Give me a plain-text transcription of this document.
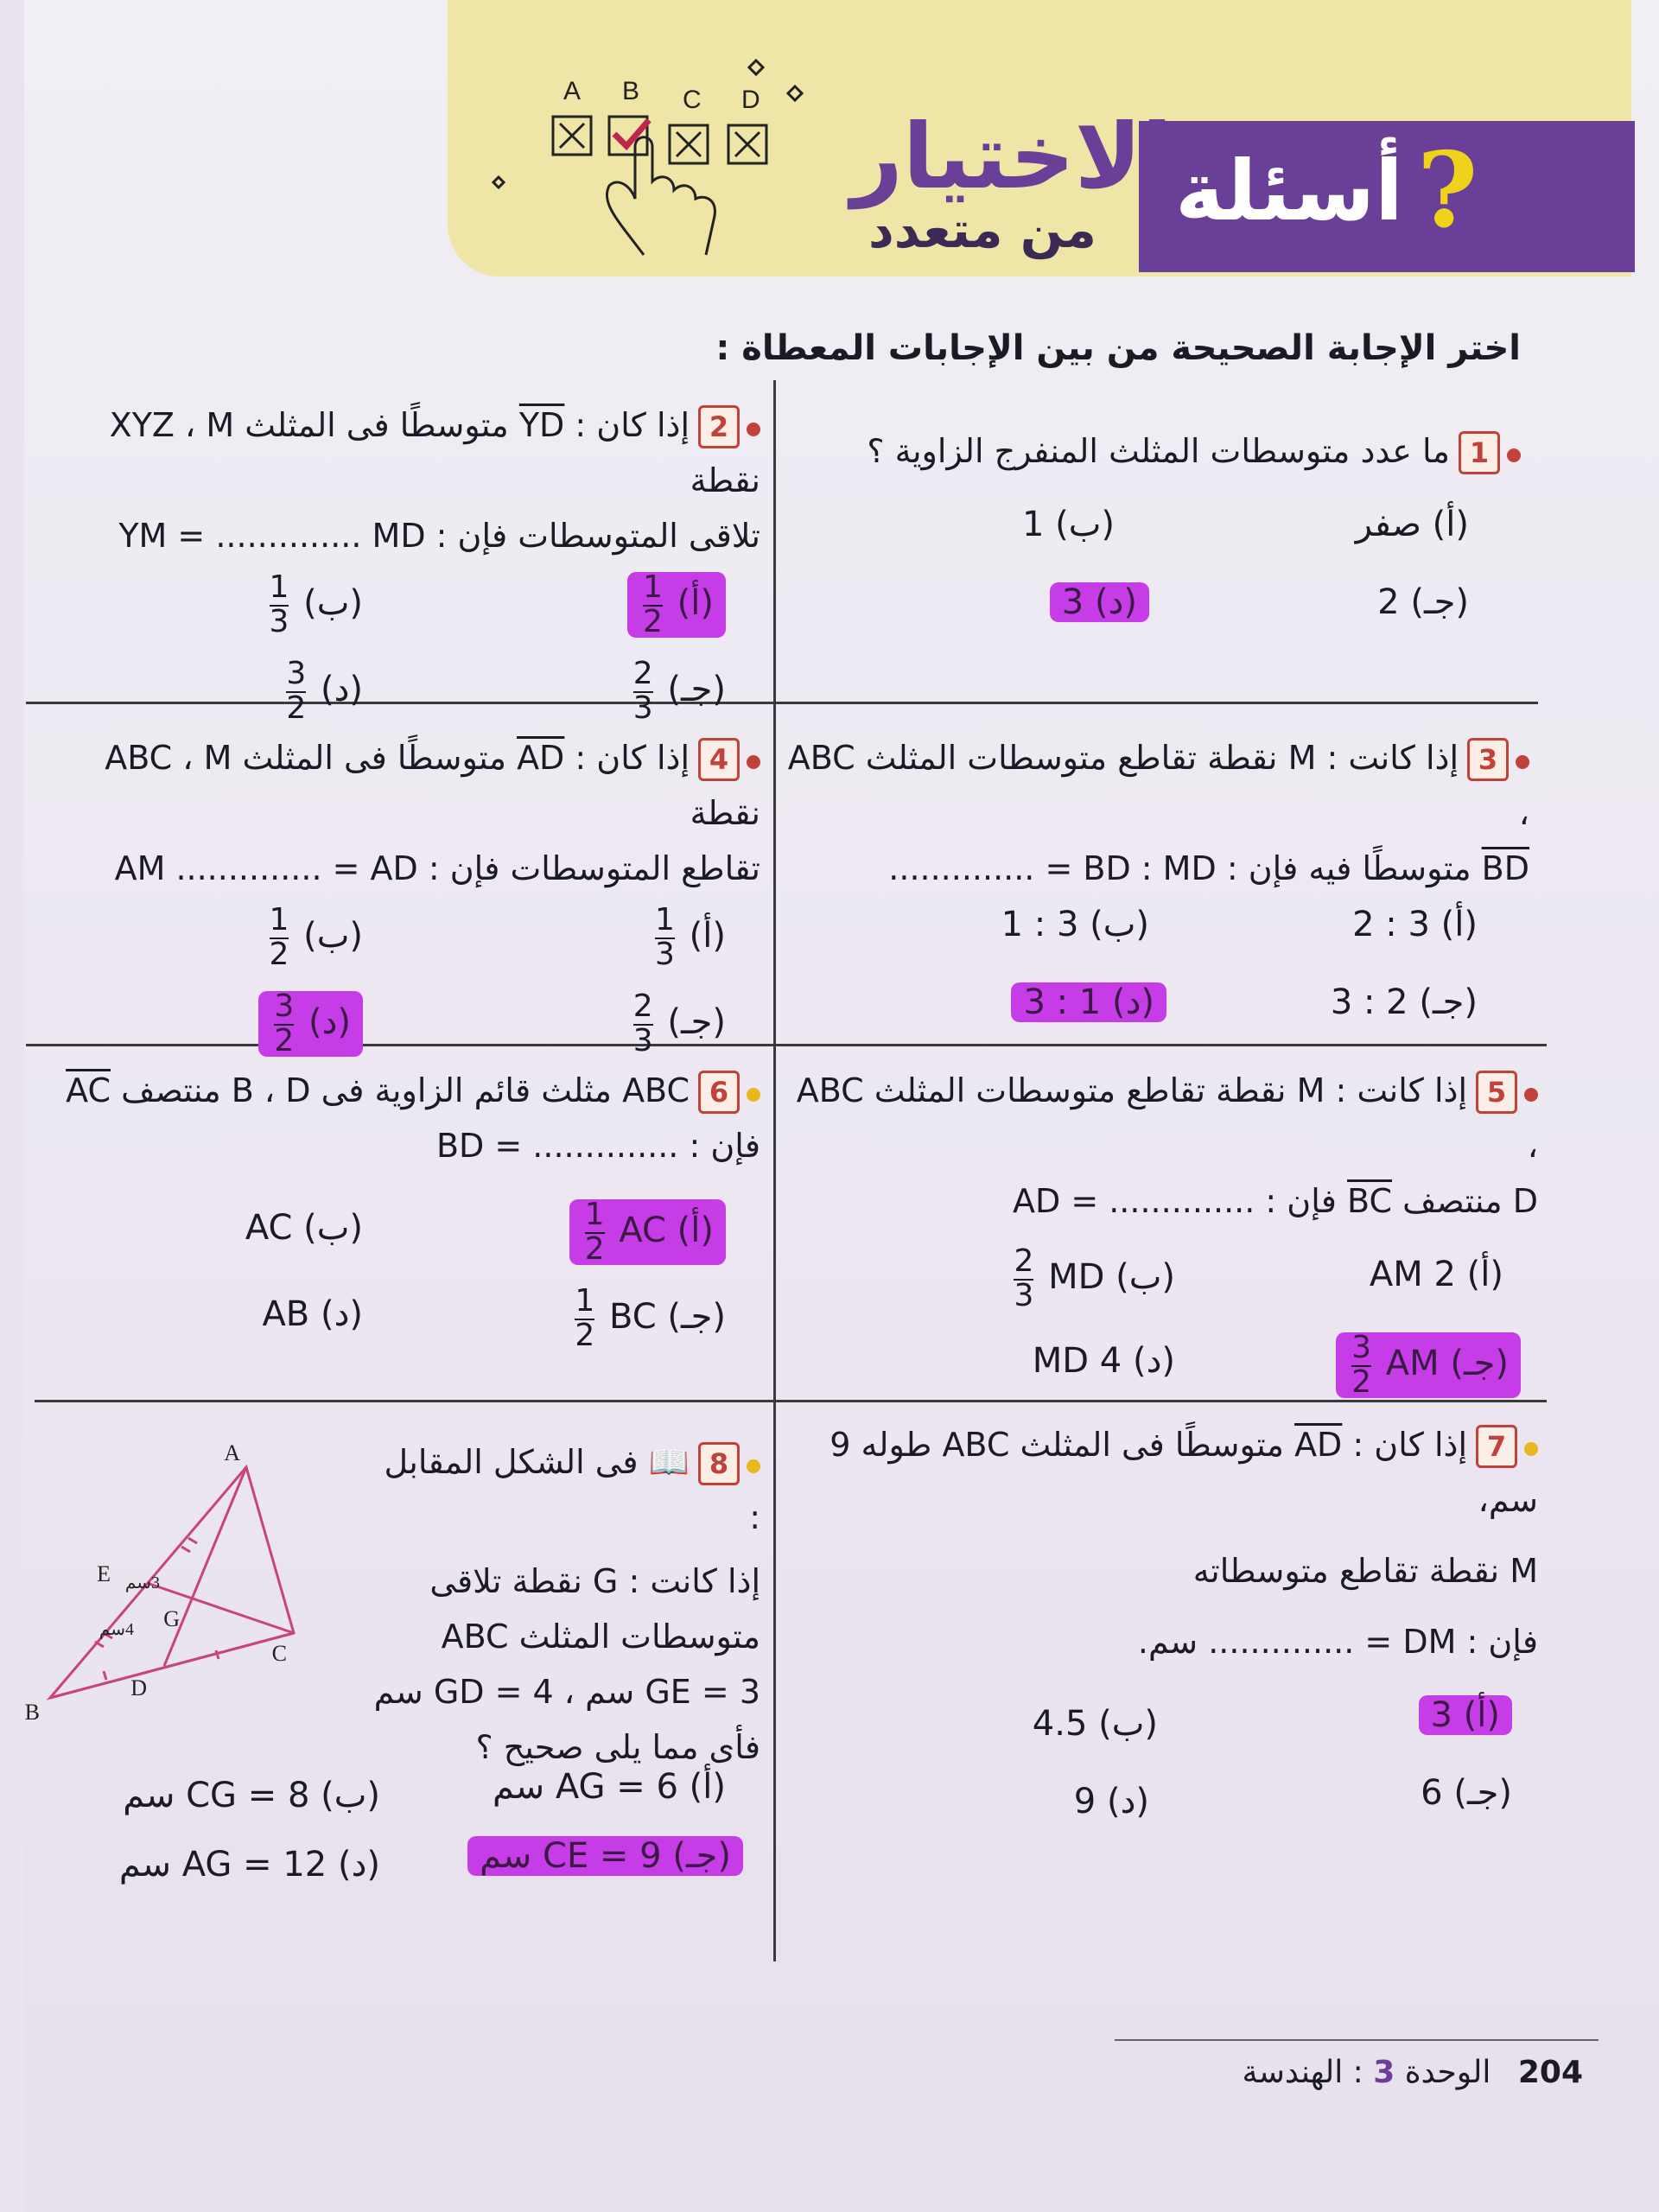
?
أسئلة
الاختيار
من متعدد
A B C D
اختر الإجابة الصحيحة من بين الإجابات المعطاة :
1ما عدد متوسطات المثلث المنفرج الزاوية ؟
(أ) صفر
(ب) 1
(جـ) 2
(د) 3
2إذا كان : YD متوسطًا فى المثلث XYZ ، M نقطة
تلاقى المتوسطات فإن : YM = .............. MD
(أ)
$\frac{1}{2}$
(ب)
$\frac{1}{3}$
(جـ)
$\frac{2}{3}$
(د)
$\frac{3}{2}$
3إذا كانت : M نقطة تقاطع متوسطات المثلث ABC ،
BD متوسطًا فيه فإن : BD : MD = ..............
(أ) 3 : 2
(ب) 3 : 1
(جـ) 2 : 3
(د) 1 : 3
4إذا كان : AD متوسطًا فى المثلث ABC ، M نقطة
تقاطع المتوسطات فإن : AM .............. = AD
(أ)
$\frac{1}{3}$
(ب)
$\frac{1}{2}$
(جـ)
$\frac{2}{3}$
(د)
$\frac{3}{2}$
5إذا كانت : M نقطة تقاطع متوسطات المثلث ABC ،
D منتصف BC فإن : .............. = AD
(أ) 2 AM
(ب) MD
$\frac{2}{3}$
(جـ) AM
$\frac{3}{2}$
(د) 4 MD
6ABC مثلث قائم الزاوية فى B ، D منتصف AC
فإن : .............. = BD
(أ) AC
$\frac{1}{2}$
(ب) AC
(جـ) BC
$\frac{1}{2}$
(د) AB
7إذا كان : AD متوسطًا فى المثلث ABC طوله 9 سم،
M نقطة تقاطع متوسطاته
فإن : DM = .............. سم.
(أ) 3
(ب) 4.5
(جـ) 6
(د) 9
8📖 فى الشكل المقابل :
إذا كانت : G نقطة تلاقى
متوسطات المثلث ABC
GE = 3 سم ، GD = 4 سم
فأى مما يلى صحيح ؟
A
B
C
D
E
G
3سم
4سم
(أ) AG = 6 سم
(ب) CG = 8 سم
(جـ) CE = 9 سم
(د) AG = 12 سم
204 الوحدة 3 : الهندسة
